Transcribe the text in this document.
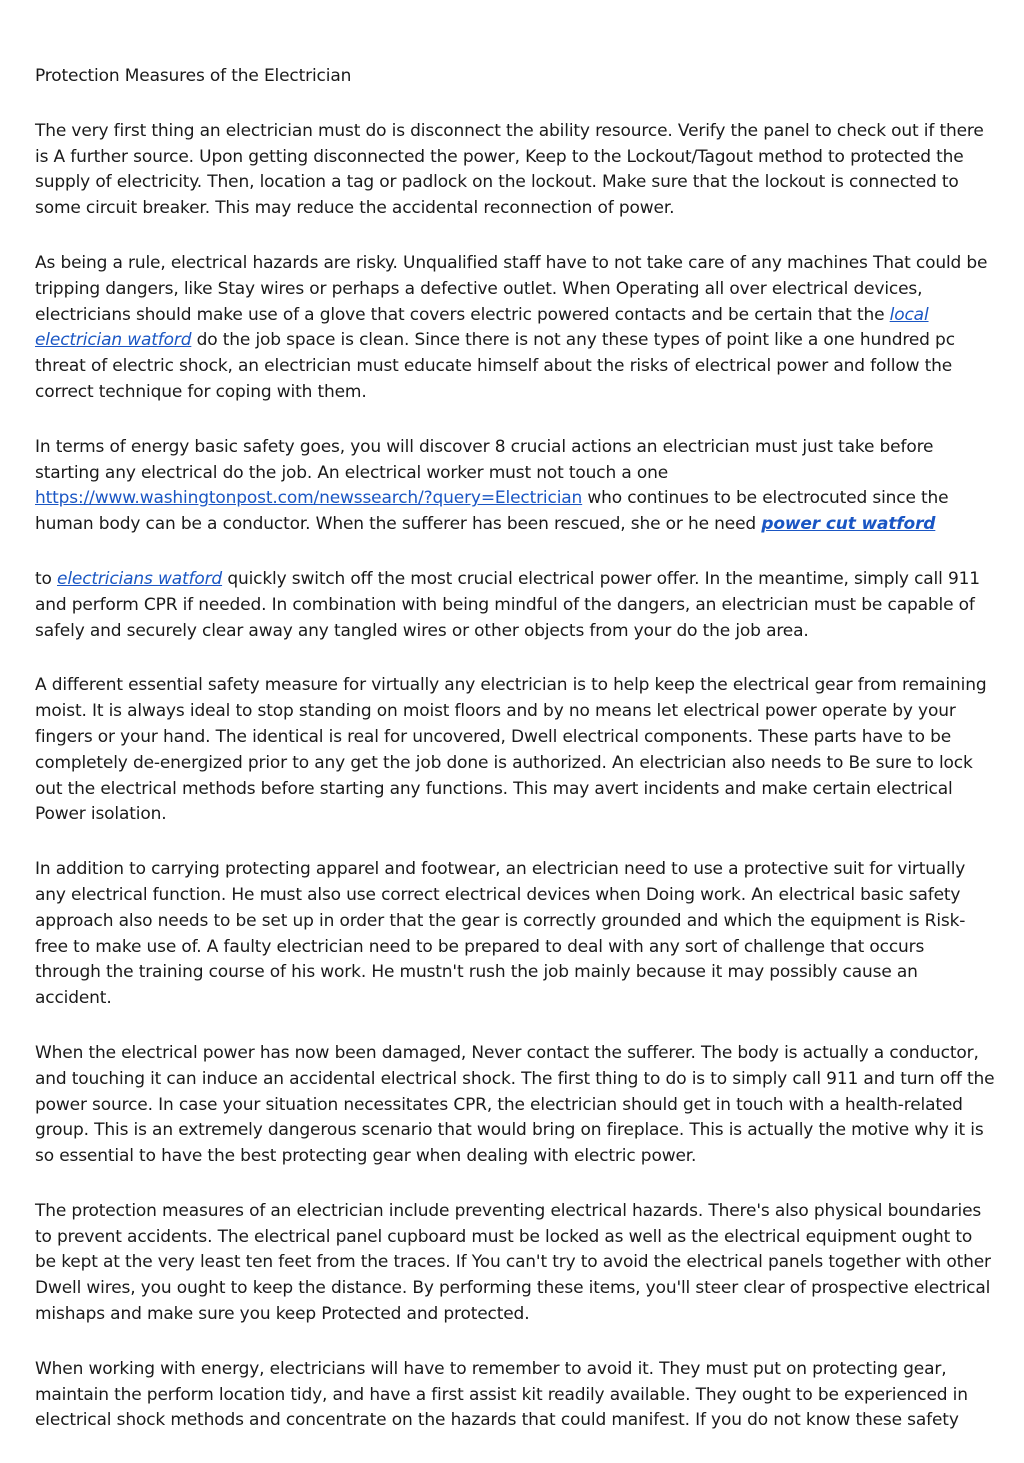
Protection Measures of the Electrician

The very first thing an electrician must do is disconnect the ability resource. Verify the panel to check out if there is A further source. Upon getting disconnected the power, Keep to the Lockout/Tagout method to protected the supply of electricity. Then, location a tag or padlock on the lockout. Make sure that the lockout is connected to some circuit breaker. This may reduce the accidental reconnection of power.

As being a rule, electrical hazards are risky. Unqualified staff have to not take care of any machines That could be tripping dangers, like Stay wires or perhaps a defective outlet. When Operating all over electrical devices, electricians should make use of a glove that covers electric powered contacts and be certain that the local electrician watford do the job space is clean. Since there is not any these types of point like a one hundred pc threat of electric shock, an electrician must educate himself about the risks of electrical power and follow the correct technique for coping with them.

In terms of energy basic safety goes, you will discover 8 crucial actions an electrician must just take before starting any electrical do the job. An electrical worker must not touch a one https://www.washingtonpost.com/newssearch/?query=Electrician who continues to be electrocuted since the human body can be a conductor. When the sufferer has been rescued, she or he need power cut watford

to electricians watford quickly switch off the most crucial electrical power offer. In the meantime, simply call 911 and perform CPR if needed. In combination with being mindful of the dangers, an electrician must be capable of safely and securely clear away any tangled wires or other objects from your do the job area.

A different essential safety measure for virtually any electrician is to help keep the electrical gear from remaining moist. It is always ideal to stop standing on moist floors and by no means let electrical power operate by your fingers or your hand. The identical is real for uncovered, Dwell electrical components. These parts have to be completely de-energized prior to any get the job done is authorized. An electrician also needs to Be sure to lock out the electrical methods before starting any functions. This may avert incidents and make certain electrical Power isolation.

In addition to carrying protecting apparel and footwear, an electrician need to use a protective suit for virtually any electrical function. He must also use correct electrical devices when Doing work. An electrical basic safety approach also needs to be set up in order that the gear is correctly grounded and which the equipment is Risk-free to make use of. A faulty electrician need to be prepared to deal with any sort of challenge that occurs through the training course of his work. He mustn't rush the job mainly because it may possibly cause an accident.

When the electrical power has now been damaged, Never contact the sufferer. The body is actually a conductor, and touching it can induce an accidental electrical shock. The first thing to do is to simply call 911 and turn off the power source. In case your situation necessitates CPR, the electrician should get in touch with a health-related group. This is an extremely dangerous scenario that would bring on fireplace. This is actually the motive why it is so essential to have the best protecting gear when dealing with electric power.

The protection measures of an electrician include preventing electrical hazards. There's also physical boundaries to prevent accidents. The electrical panel cupboard must be locked as well as the electrical equipment ought to be kept at the very least ten feet from the traces. If You can't try to avoid the electrical panels together with other Dwell wires, you ought to keep the distance. By performing these items, you'll steer clear of prospective electrical mishaps and make sure you keep Protected and protected.

When working with energy, electricians will have to remember to avoid it. They must put on protecting gear, maintain the perform location tidy, and have a first assist kit readily available. They ought to be experienced in electrical shock methods and concentrate on the hazards that could manifest. If you do not know these safety
